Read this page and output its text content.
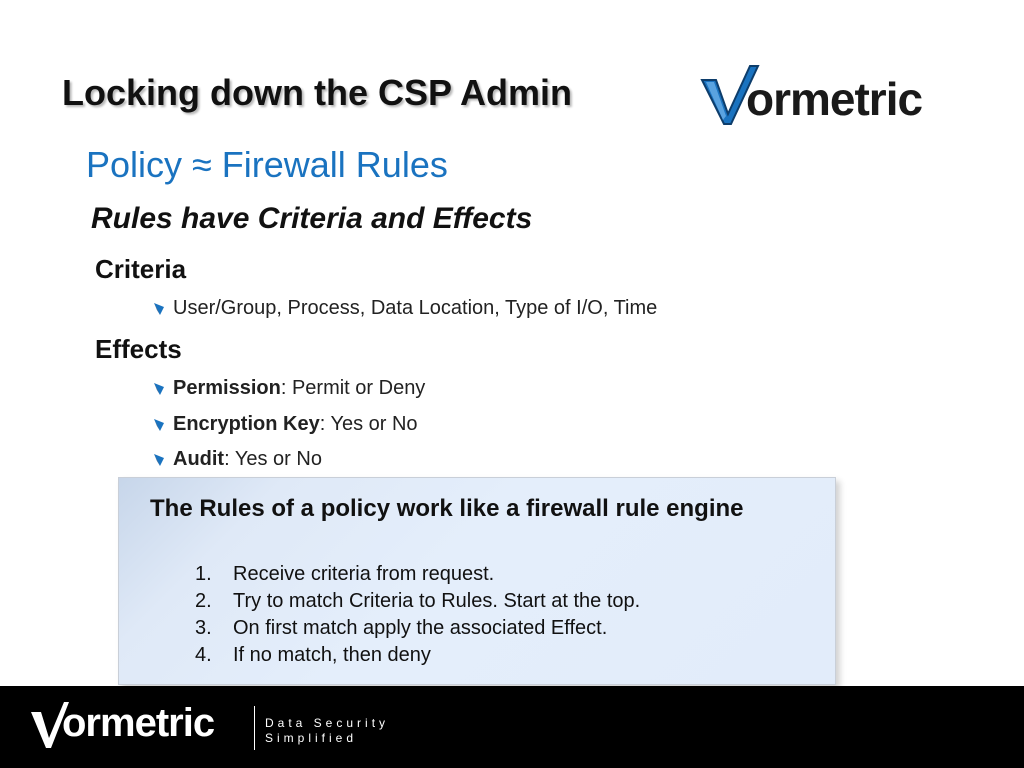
Locking down the CSP Admin	ormetric
Policy ≈ Firewall Rules
Rules have Criteria and Effects
Criteria
User/Group, Process, Data Location, Type of I/O, Time
Effects
Permission : Permit or Deny
Encryption Key : Yes or No
Audit : Yes or No
The Rules of a policy work like a firewall rule engine
1. Receive criteria from request.
2. Try to match Criteria to Rules. Start at the top.
3. On first match apply the associated Effect.
4. If no match, then deny
ormetric	Data Security
Simplified
